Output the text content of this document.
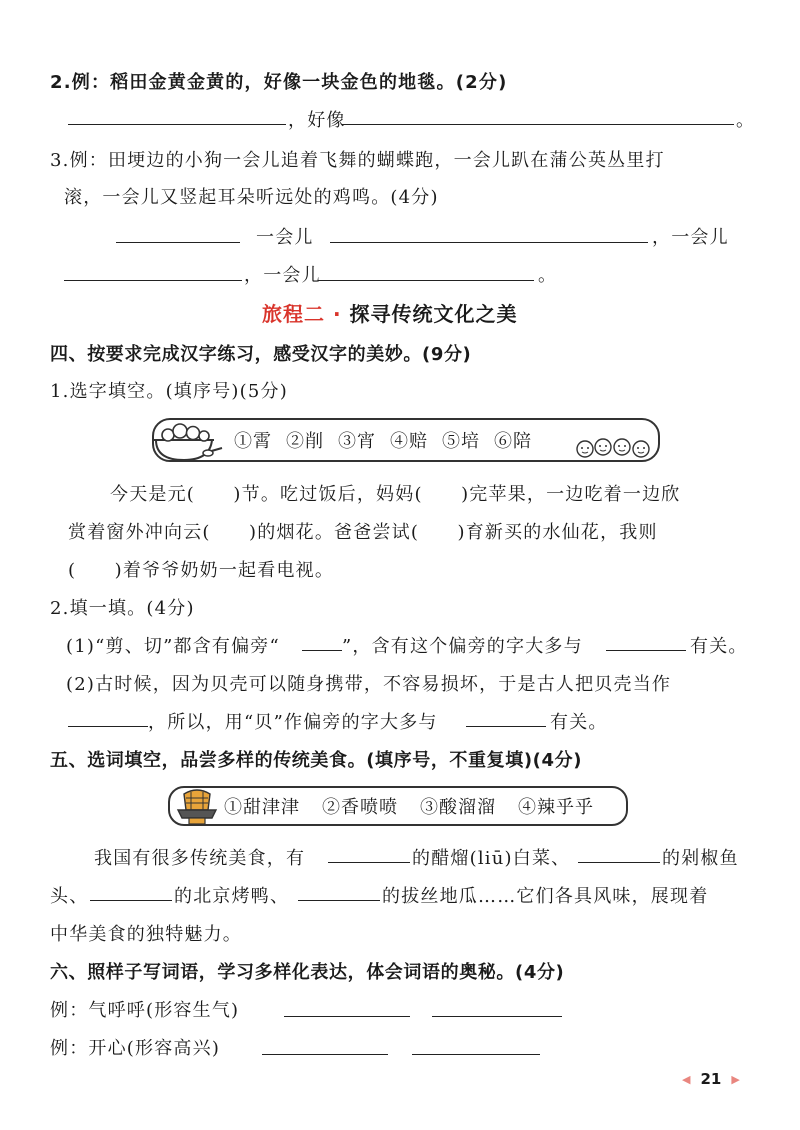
2.例：稻田金黄金黄的，好像一块金色的地毯。(2分)
，好像	。
3.例：田埂边的小狗一会儿追着飞舞的蝴蝶跑，一会儿趴在蒲公英丛里打
滚，一会儿又竖起耳朵听远处的鸡鸣。(4分)
一会儿	，一会儿
，一会儿	。
旅程二 · 探寻传统文化之美
四、按要求完成汉字练习，感受汉字的美妙。(9分)
1.选字填空。(填序号)(5分)
①霄 ②削 ③宵 ④赔 ⑤培 ⑥陪
今天是元(　　)节。吃过饭后，妈妈(　　)完苹果，一边吃着一边欣
赏着窗外冲向云(　　)的烟花。爸爸尝试(　　)育新买的水仙花，我则
(　　)着爷爷奶奶一起看电视。
2.填一填。(4分)
(1)“剪、切”都含有偏旁“	”，含有这个偏旁的字大多与	有关。
(2)古时候，因为贝壳可以随身携带，不容易损坏，于是古人把贝壳当作
，所以，用“贝”作偏旁的字大多与	有关。
五、选词填空，品尝多样的传统美食。(填序号，不重复填)(4分)
①甜津津 ②香喷喷 ③酸溜溜 ④辣乎乎
我国有很多传统美食，有	的醋熘(liū)白菜、	的剁椒鱼
头、	的北京烤鸭、	的拔丝地瓜……它们各具风味，展现着
中华美食的独特魅力。
六、照样子写词语，学习多样化表达，体会词语的奥秘。(4分)
例：气呼呼(形容生气)
例：开心(形容高兴)
◀ 21 ▶
